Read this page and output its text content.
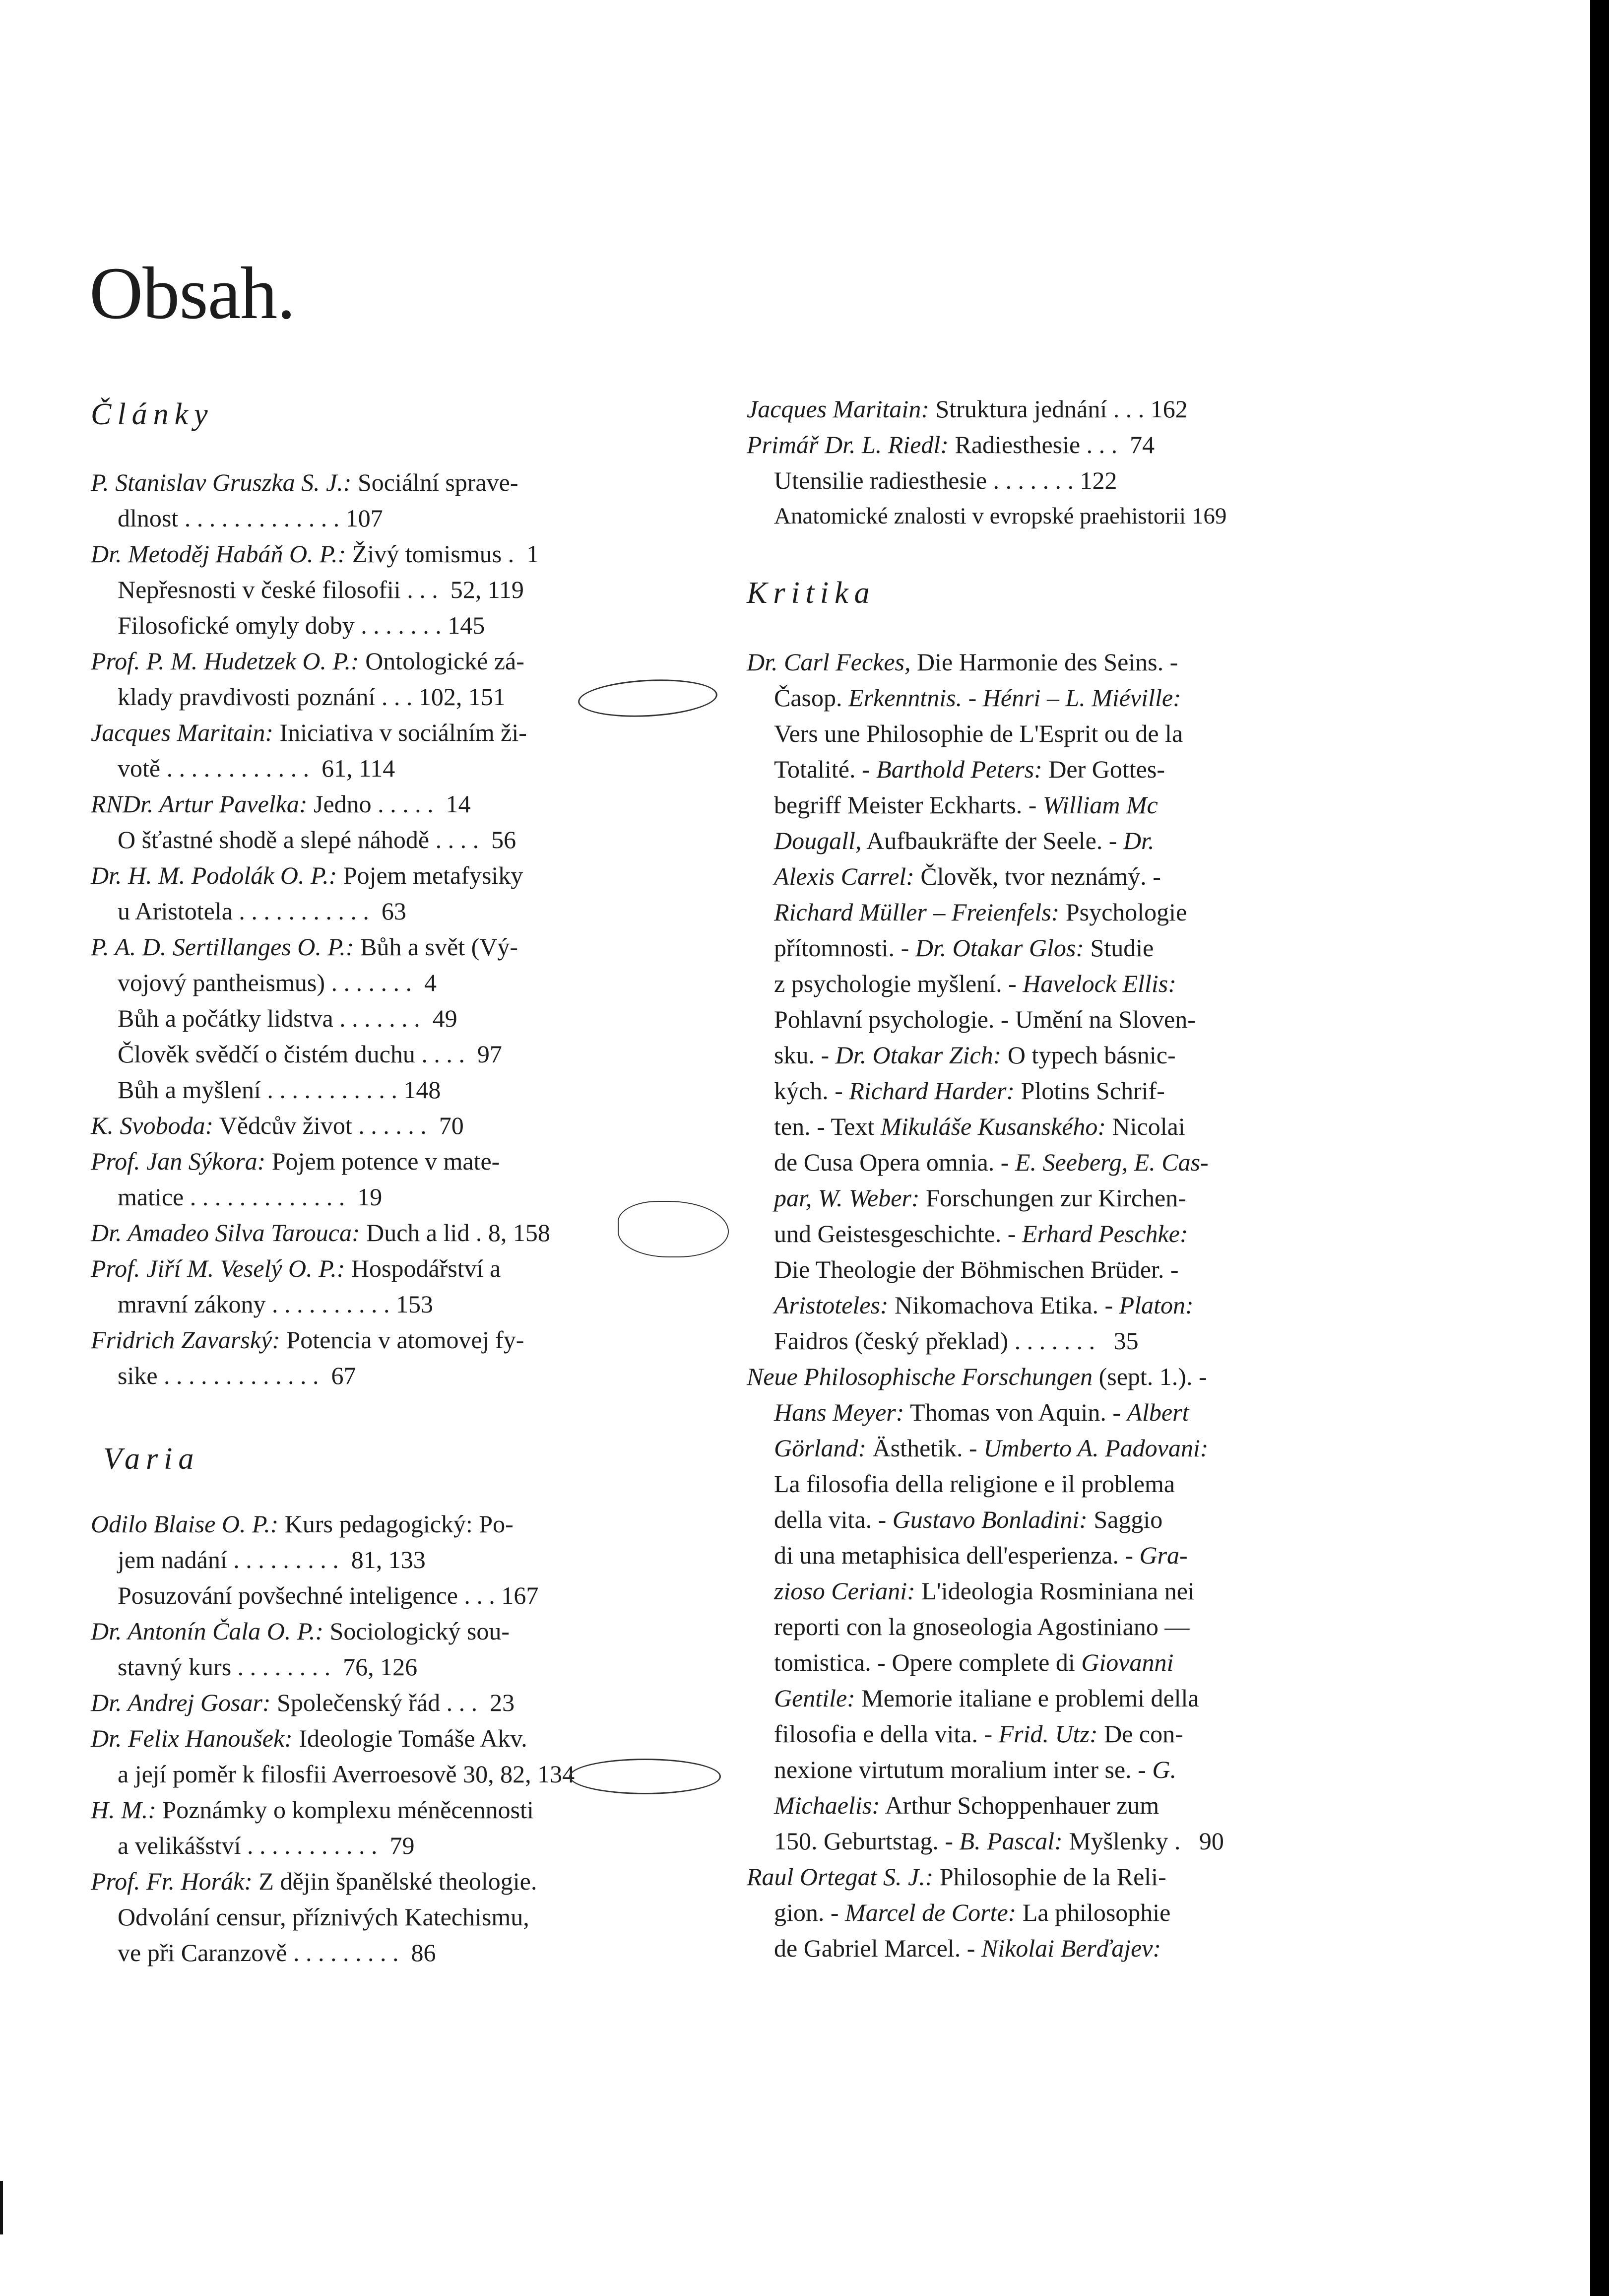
Obsah.
Články
P. Stanislav Gruszka S. J.: Sociální sprave-
dlnost . . . . . . . . . . . . . 107
Dr. Metoděj Habáň O. P.: Živý tomismus .  1
Nepřesnosti v české filosofii . . .  52, 119
Filosofické omyly doby . . . . . . . 145
Prof. P. M. Hudetzek O. P.: Ontologické zá-
klady pravdivosti poznání . . . 102, 151
Jacques Maritain: Iniciativa v sociálním ži-
votě . . . . . . . . . . . .  61, 114
RNDr. Artur Pavelka: Jedno . . . . .  14
O šťastné shodě a slepé náhodě . . . .  56
Dr. H. M. Podolák O. P.: Pojem metafysiky
u Aristotela . . . . . . . . . . .  63
P. A. D. Sertillanges O. P.: Bůh a svět (Vý-
vojový pantheismus) . . . . . . .  4
Bůh a počátky lidstva . . . . . . .  49
Člověk svědčí o čistém duchu . . . .  97
Bůh a myšlení . . . . . . . . . . . 148
K. Svoboda: Vědcův život . . . . . .  70
Prof. Jan Sýkora: Pojem potence v mate-
matice . . . . . . . . . . . . .  19
Dr. Amadeo Silva Tarouca: Duch a lid . 8, 158
Prof. Jiří M. Veselý O. P.: Hospodářství a
mravní zákony . . . . . . . . . . 153
Fridrich Zavarský: Potencia v atomovej fy-
sike . . . . . . . . . . . . .  67
Varia
Odilo Blaise O. P.: Kurs pedagogický: Po-
jem nadání . . . . . . . . .  81, 133
Posuzování povšechné inteligence . . . 167
Dr. Antonín Čala O. P.: Sociologický sou-
stavný kurs . . . . . . . .  76, 126
Dr. Andrej Gosar: Společenský řád . . .  23
Dr. Felix Hanoušek: Ideologie Tomáše Akv.
a její poměr k filosfii Averroesově 30, 82, 134
H. M.: Poznámky o komplexu méněcennosti
a velikášství . . . . . . . . . . .  79
Prof. Fr. Horák: Z dějin španělské theologie.
Odvolání censur, příznivých Katechismu,
ve při Caranzově . . . . . . . . .  86
Jacques Maritain: Struktura jednání . . . 162
Primář Dr. L. Riedl: Radiesthesie . . .  74
Utensilie radiesthesie . . . . . . . 122
Anatomické znalosti v evropské praehistorii 169
Kritika
Dr. Carl Feckes, Die Harmonie des Seins. -
Časop. Erkenntnis. - Hénri – L. Miéville:
Vers une Philosophie de L'Esprit ou de la
Totalité. - Barthold Peters: Der Gottes-
begriff Meister Eckharts. - William Mc
Dougall, Aufbaukräfte der Seele. - Dr.
Alexis Carrel: Člověk, tvor neznámý. -
Richard Müller – Freienfels: Psychologie
přítomnosti. - Dr. Otakar Glos: Studie
z psychologie myšlení. - Havelock Ellis:
Pohlavní psychologie. - Umění na Sloven-
sku. - Dr. Otakar Zich: O typech básnic-
kých. - Richard Harder: Plotins Schrif-
ten. - Text Mikuláše Kusanského: Nicolai
de Cusa Opera omnia. - E. Seeberg, E. Cas-
par, W. Weber: Forschungen zur Kirchen-
und Geistesgeschichte. - Erhard Peschke:
Die Theologie der Böhmischen Brüder. -
Aristoteles: Nikomachova Etika. - Platon:
Faidros (český překlad) . . . . . . .   35
Neue Philosophische Forschungen (sept. 1.). -
Hans Meyer: Thomas von Aquin. - Albert
Görland: Ästhetik. - Umberto A. Padovani:
La filosofia della religione e il problema
della vita. - Gustavo Bonladini: Saggio
di una metaphisica dell'esperienza. - Gra-
zioso Ceriani: L'ideologia Rosminiana nei
reporti con la gnoseologia Agostiniano —
tomistica. - Opere complete di Giovanni
Gentile: Memorie italiane e problemi della
filosofia e della vita. - Frid. Utz: De con-
nexione virtutum moralium inter se. - G.
Michaelis: Arthur Schoppenhauer zum
150. Geburtstag. - B. Pascal: Myšlenky .   90
Raul Ortegat S. J.: Philosophie de la Reli-
gion. - Marcel de Corte: La philosophie
de Gabriel Marcel. - Nikolai Berďajev:
P. Stanislav Gruszka S. J.: Sociální spravedlnost Dr. Metoděj Habáň O. P.: Živý tomismus Nepřesnosti v české filosofii Filosofické omyly doby Prof. P. M. Hudetzek O. P.: Ontologické základy pravdivosti poznání Jacques Maritain: Iniciativa v sociálním životě RNDr. Artur Pavelka: Jedno O šťastné shodě a slepé náhodě Dr. H. M. Podolák O. P.: Pojem metafysiky u Aristotela P. A. D. Sertillanges O. P.: Bůh a svět (Vývojový pantheismus) Bůh a počátky lidstva Člověk svědčí o čistém duchu Bůh a myšlení K. Svoboda: Vědcův život Prof. Jan Sýkora: Pojem potence v matematice Dr. Amadeo Silva Tarouca: Duch a lid Prof. Jiří M. Veselý O. P.: Hospodářství a mravní zákony Fridrich Zavarský: Potencia v atomovej fysike Odilo Blaise O. P.: Kurs pedagogický: Pojem nadání Posuzování povšechné inteligence Dr. Antonín Čala O. P.: Sociologický soustavný kurs Dr. Andrej Gosar: Společenský řád Dr. Felix Hanoušek: Ideologie Tomáše Akv. a její poměr k filosfii Averroesově H. M.: Poznámky o komplexu méněcennosti a velikášství Prof. Fr. Horák: Z dějin španělské theologie. Odvolání censur, příznivých Katechismu, ve při Caranzově Jacques Maritain: Struktura jednání Primář Dr. L. Riedl: Radiesthesie Utensilie radiesthesie Anatomické znalosti v evropské praehistorii Dr. Carl Feckes, Die Harmonie des Seins. - Časop. Erkenntnis. - Hénri – L. Miéville: Vers une Philosophie de L'Esprit ou de la Totalité. - Barthold Peters: Der Gottesbegriff Meister Eckharts. - William Mc Dougall, Aufbaukräfte der Seele. - Dr. Alexis Carrel: Člověk, tvor neznámý. - Richard Müller – Freienfels: Psychologie přítomnosti. - Dr. Otakar Glos: Studie z psychologie myšlení. - Havelock Ellis: Pohlavní psychologie. - Umění na Slovensku. - Dr. Otakar Zich: O typech básnických. - Richard Harder: Plotins Schriften. - Text Mikuláše Kusanského: Nicolai de Cusa Opera omnia. - E. Seeberg, E. Caspar, W. Weber: Forschungen zur Kirchen- und Geistesgeschichte. - Erhard Peschke: Die Theologie der Böhmischen Brüder. - Aristoteles: Nikomachova Etika. - Platon: Faidros (český překlad) Neue Philosophische Forschungen (sept. 1.). - Hans Meyer: Thomas von Aquin. - Albert Görland: Ästhetik. - Umberto A. Padovani: La filosofia della religione e il problema della vita. - Gustavo Bonladini: Saggio di una metaphisica dell'esperienza. - Grazioso Ceriani: L'ideologia Rosminiana nei reporti con la gnoseologia Agostiniano — tomistica. - Opere complete di Giovanni Gentile: Memorie italiane e problemi della filosofia e della vita. - Frid. Utz: De connexione virtutum moralium inter se. - G. Michaelis: Arthur Schoppenhauer zum 150. Geburtstag. - B. Pascal: Myšlenky Raul Ortegat S. J.: Philosophie de la Religion. - Marcel de Corte: La philosophie de Gabriel Marcel. - Nikolai Berďajev:
